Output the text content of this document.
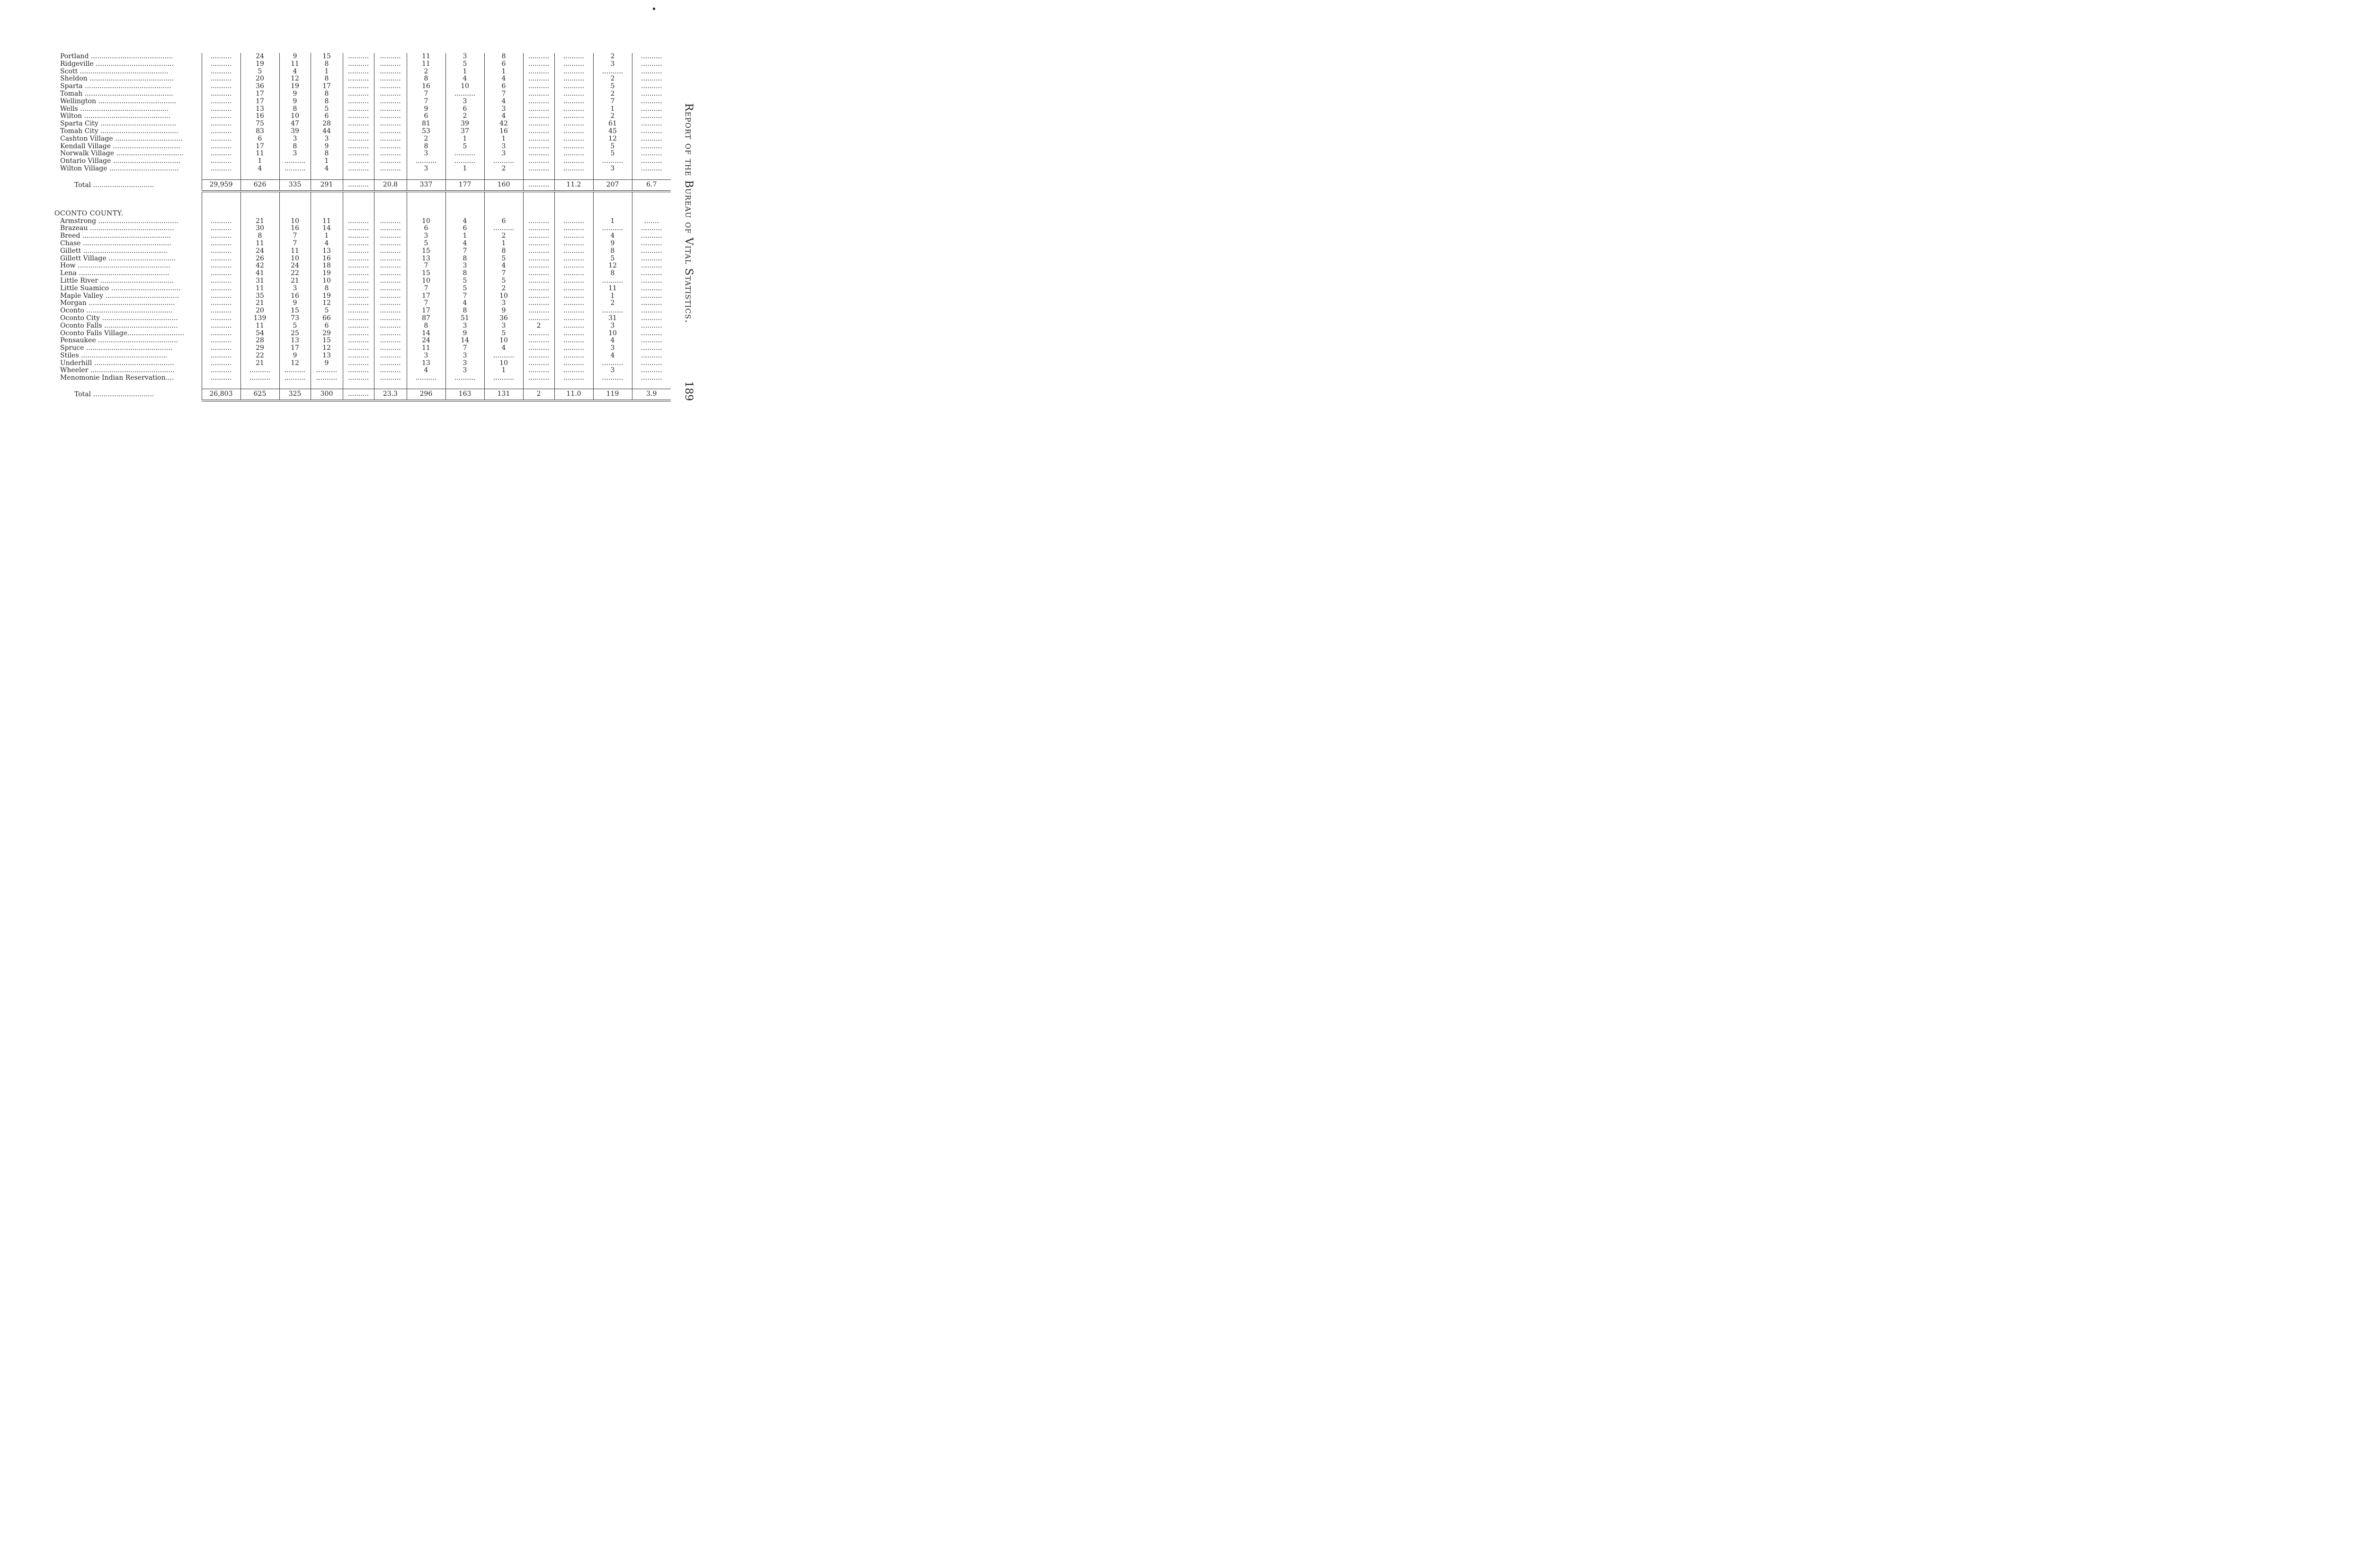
Portland .......................................	..........	24	9	15	..........	..........	11	3	8	..........	..........	2	..........
Ridgeville .....................................	..........	19	11	8	..........	..........	11	5	6	..........	..........	3	..........
Scott ..........................................	..........	5	4	1	..........	..........	2	1	1	..........	..........	..........	..........
Sheldon ........................................	..........	20	12	8	..........	..........	8	4	4	..........	..........	2	..........
Sparta .........................................	..........	36	19	17	..........	..........	16	10	6	..........	..........	5	..........
Tomah ..........................................	..........	17	9	8	..........	..........	7	..........	7	..........	..........	2	..........
Wellington .....................................	..........	17	9	8	..........	..........	7	3	4	..........	..........	7	..........
Wells ..........................................	..........	13	8	5	..........	..........	9	6	3	..........	..........	1	..........
Wilton .........................................	..........	16	10	6	..........	..........	6	2	4	..........	..........	2	..........
Sparta City ....................................	..........	75	47	28	..........	..........	81	39	42	..........	..........	61	..........
Tomah City .....................................	..........	83	39	44	..........	..........	53	37	16	..........	..........	45	..........
Cashton Village ................................	..........	6	3	3	..........	..........	2	1	1	..........	..........	12	..........
Kendall Village ................................	..........	17	8	9	..........	..........	8	5	3	..........	..........	5	..........
Norwalk Village ................................	..........	11	3	8	..........	..........	3	..........	3	..........	..........	5	..........
Ontario Village ................................	..........	1	..........	1	..........	..........	..........	..........	..........	..........	..........	..........	..........
Wilton Village .................................	..........	4	..........	4	..........	..........	3	1	2	..........	..........	3	..........

Total .............................	29,959	626	335	291	..........	20.8	337	177	160	..........	11.2	207	6.7

OCONTO COUNTY.													
Armstrong ......................................	..........	21	10	11	..........	..........	10	4	6	..........	..........	1	.......
Brazeau ........................................	..........	30	16	14	..........	..........	6	6	..........	..........	..........	..........	..........
Breed ..........................................	..........	8	7	1	..........	..........	3	1	2	..........	..........	4	..........
Chase ..........................................	..........	11	7	4	..........	..........	5	4	1	..........	..........	9	..........
Gillett ........................................	..........	24	11	13	..........	..........	15	7	8	..........	..........	8	..........
Gillett Village ................................	..........	26	10	16	..........	..........	13	8	5	..........	..........	5	..........
How ............................................	..........	42	24	18	..........	..........	7	3	4	..........	..........	12	..........
Lena ...........................................	..........	41	22	19	..........	..........	15	8	7	..........	..........	8	..........
Little River ...................................	..........	31	21	10	..........	..........	10	5	5	..........	..........	..........	..........
Little Suamico .................................	..........	11	3	8	..........	..........	7	5	2	..........	..........	11	..........
Maple Valley ...................................	..........	35	16	19	..........	..........	17	7	10	..........	..........	1	..........
Morgan .........................................	..........	21	9	12	..........	..........	7	4	3	..........	..........	2	..........
Oconto .........................................	..........	20	15	5	..........	..........	17	8	9	..........	..........	..........	..........
Oconto City ....................................	..........	139	73	66	..........	..........	87	51	36	..........	..........	31	..........
Oconto Falls ...................................	..........	11	5	6	..........	..........	8	3	3	2	..........	3	..........
Oconto Falls Village...........................	..........	54	25	29	..........	..........	14	9	5	..........	..........	10	..........
Pensaukee ......................................	..........	28	13	15	..........	..........	24	14	10	..........	..........	4	..........
Spruce .........................................	..........	29	17	12	..........	..........	11	7	4	..........	..........	3	..........
Stiles .........................................	..........	22	9	13	..........	..........	3	3	..........	..........	..........	4	..........
Underhill ......................................	..........	21	12	9	..........	..........	13	3	10	..........	..........	..........	..........
Wheeler ........................................	..........	..........	..........	..........	..........	..........	4	3	1	..........	..........	3	..........
Menomonie Indian Reservation....	..........	..........	..........	..........	..........	..........	..........	..........	..........	..........	..........	..........	..........

Total .............................	26,803	625	325	300	..........	23.3	296	163	131	2	11.0	119	3.9
Report of the Bureau of Vital Statistics.
189
